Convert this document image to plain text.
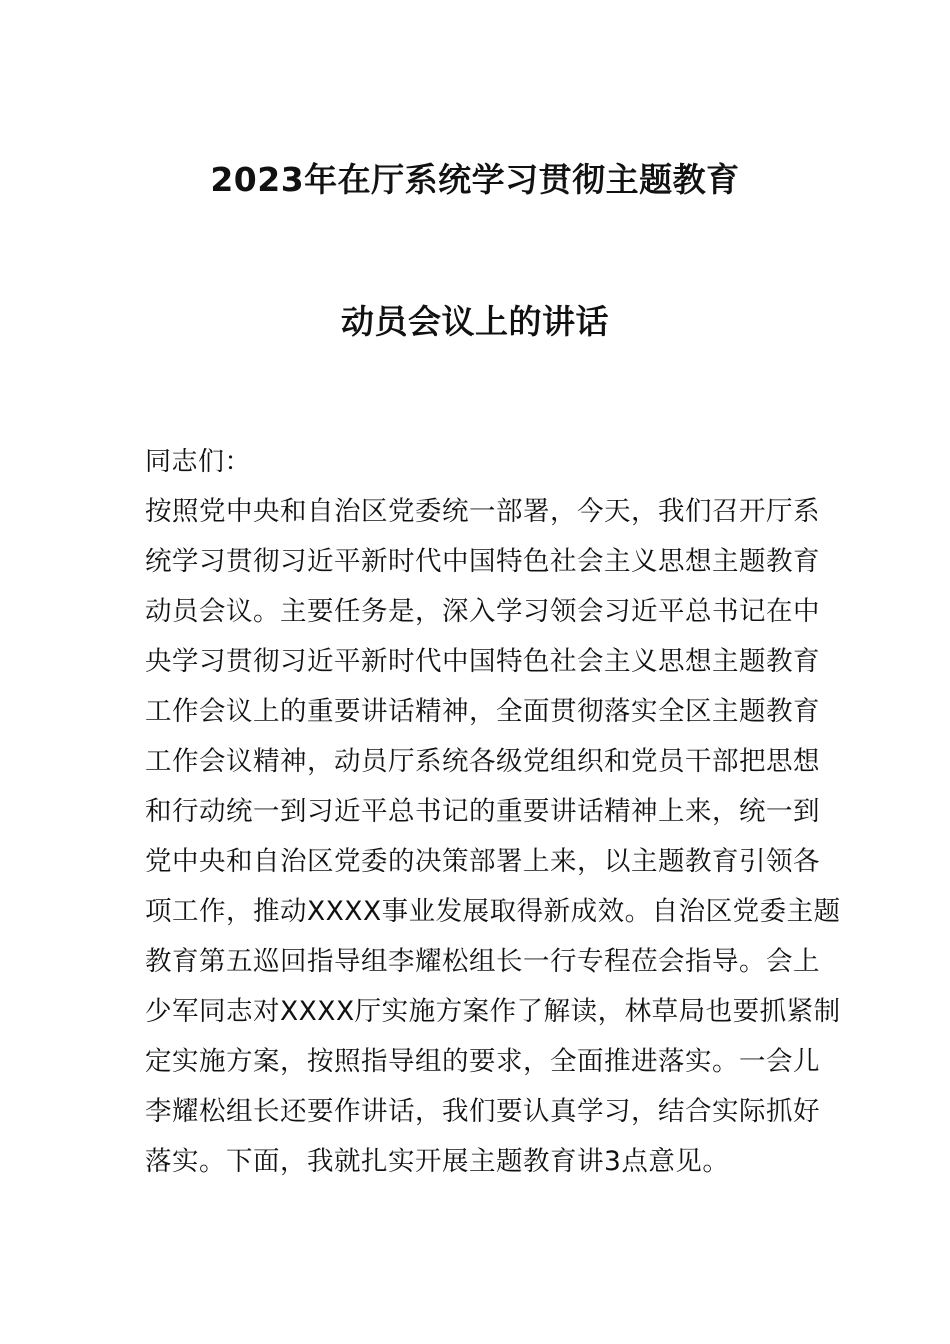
2023年在厅系统学习贯彻主题教育
动员会议上的讲话
同志们：
按照党中央和自治区党委统一部署，今天，我们召开厅系
统学习贯彻习近平新时代中国特色社会主义思想主题教育
动员会议。主要任务是，深入学习领会习近平总书记在中
央学习贯彻习近平新时代中国特色社会主义思想主题教育
工作会议上的重要讲话精神，全面贯彻落实全区主题教育
工作会议精神，动员厅系统各级党组织和党员干部把思想
和行动统一到习近平总书记的重要讲话精神上来，统一到
党中央和自治区党委的决策部署上来，以主题教育引领各
项工作，推动XXXX事业发展取得新成效。自治区党委主题
教育第五巡回指导组李耀松组长一行专程莅会指导。会上
少军同志对XXXX厅实施方案作了解读，林草局也要抓紧制
定实施方案，按照指导组的要求，全面推进落实。一会儿
李耀松组长还要作讲话，我们要认真学习，结合实际抓好
落实。下面，我就扎实开展主题教育讲3点意见。
